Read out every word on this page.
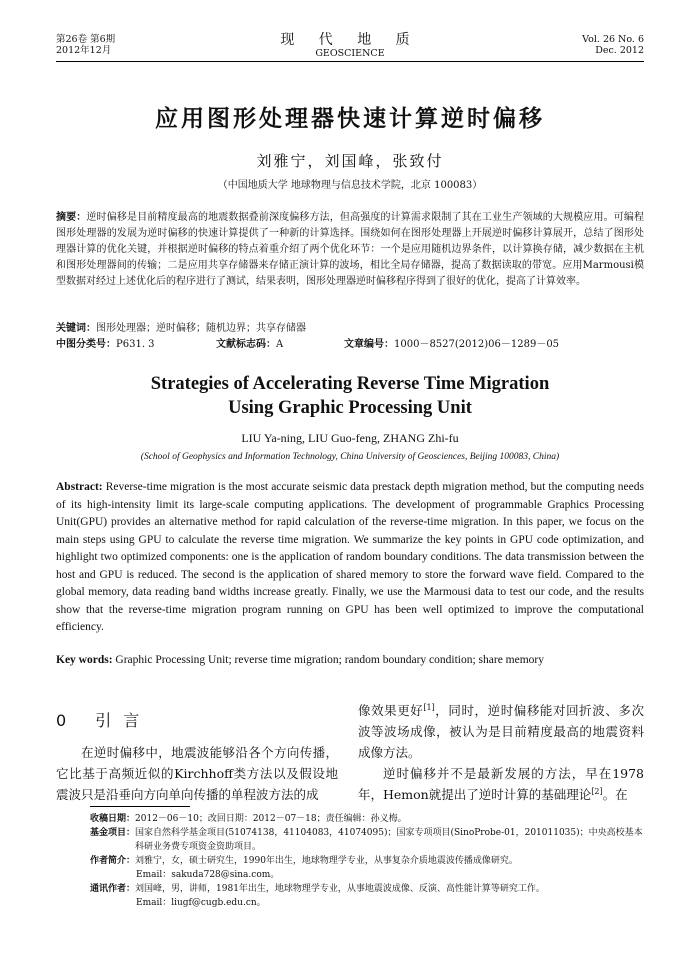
第26卷 第6期
2012年12月
现 代 地 质
GEOSCIENCE
Vol. 26 No. 6
Dec. 2012
应用图形处理器快速计算逆时偏移
刘雅宁，刘国峰，张致付
（中国地质大学 地球物理与信息技术学院，北京 100083）
摘要：逆时偏移是目前精度最高的地震数据叠前深度偏移方法，但高强度的计算需求限制了其在工业生产领域的大规模应用。可编程图形处理器的发展为逆时偏移的快速计算提供了一种新的计算选择。围绕如何在图形处理器上开展逆时偏移计算展开，总结了图形处理器计算的优化关键，并根据逆时偏移的特点着重介绍了两个优化环节：一个是应用随机边界条件，以计算换存储，减少数据在主机和图形处理器间的传输；二是应用共享存储器来存储正演计算的波场，相比全局存储器，提高了数据读取的带宽。应用Marmousi模型数据对经过上述优化后的程序进行了测试，结果表明，图形处理器逆时偏移程序得到了很好的优化，提高了计算效率。
关键词：图形处理器；逆时偏移；随机边界；共享存储器
中图分类号：P631. 3	文献标志码：A	文章编号：1000－8527(2012)06－1289－05
Strategies of Accelerating Reverse Time Migration
Using Graphic Processing Unit
LIU Ya-ning, LIU Guo-feng, ZHANG Zhi-fu
(School of Geophysics and Information Technology, China University of Geosciences, Beijing 100083, China)
Abstract: Reverse-time migration is the most accurate seismic data prestack depth migration method, but the computing needs of its high-intensity limit its large-scale computing applications. The development of programmable Graphics Processing Unit(GPU) provides an alternative method for rapid calculation of the reverse-time migration. In this paper, we focus on the main steps using GPU to calculate the reverse time migration. We summarize the key points in GPU code optimization, and highlight two optimized components: one is the application of random boundary conditions. The data transmission between the host and GPU is reduced. The second is the application of shared memory to store the forward wave field. Compared to the global memory, data reading band widths increase greatly. Finally, we use the Marmousi data to test our code, and the results show that the reverse-time migration program running on GPU has been well optimized to improve the computational efficiency.
Key words: Graphic Processing Unit; reverse time migration; random boundary condition; share memory
0 引言

在逆时偏移中，地震波能够沿各个方向传播，它比基于高频近似的Kirchhoff类方法以及假设地震波只是沿垂向方向单向传播的单程波方法的成

像效果更好[1]，同时，逆时偏移能对回折波、多次波等波场成像，被认为是目前精度最高的地震资料成像方法。

逆时偏移并不是最新发展的方法，早在1978年，Hemon就提出了逆时计算的基础理论[2]。在

收稿日期： 2012－06－10；改回日期：2012－07－18；责任编辑：孙义梅。
基金项目： 国家自然科学基金项目(51074138，41104083，41074095)；国家专项项目(SinoProbe-01，201011035)；中央高校基本科研业务费专项资金资助项目。
作者简介： 刘雅宁，女，硕士研究生，1990年出生，地球物理学专业，从事复杂介质地震波传播成像研究。
Email：sakuda728@sina.com。
通讯作者： 刘国峰，男，讲师，1981年出生，地球物理学专业，从事地震波成像、反演、高性能计算等研究工作。
Email：liugf@cugb.edu.cn。
